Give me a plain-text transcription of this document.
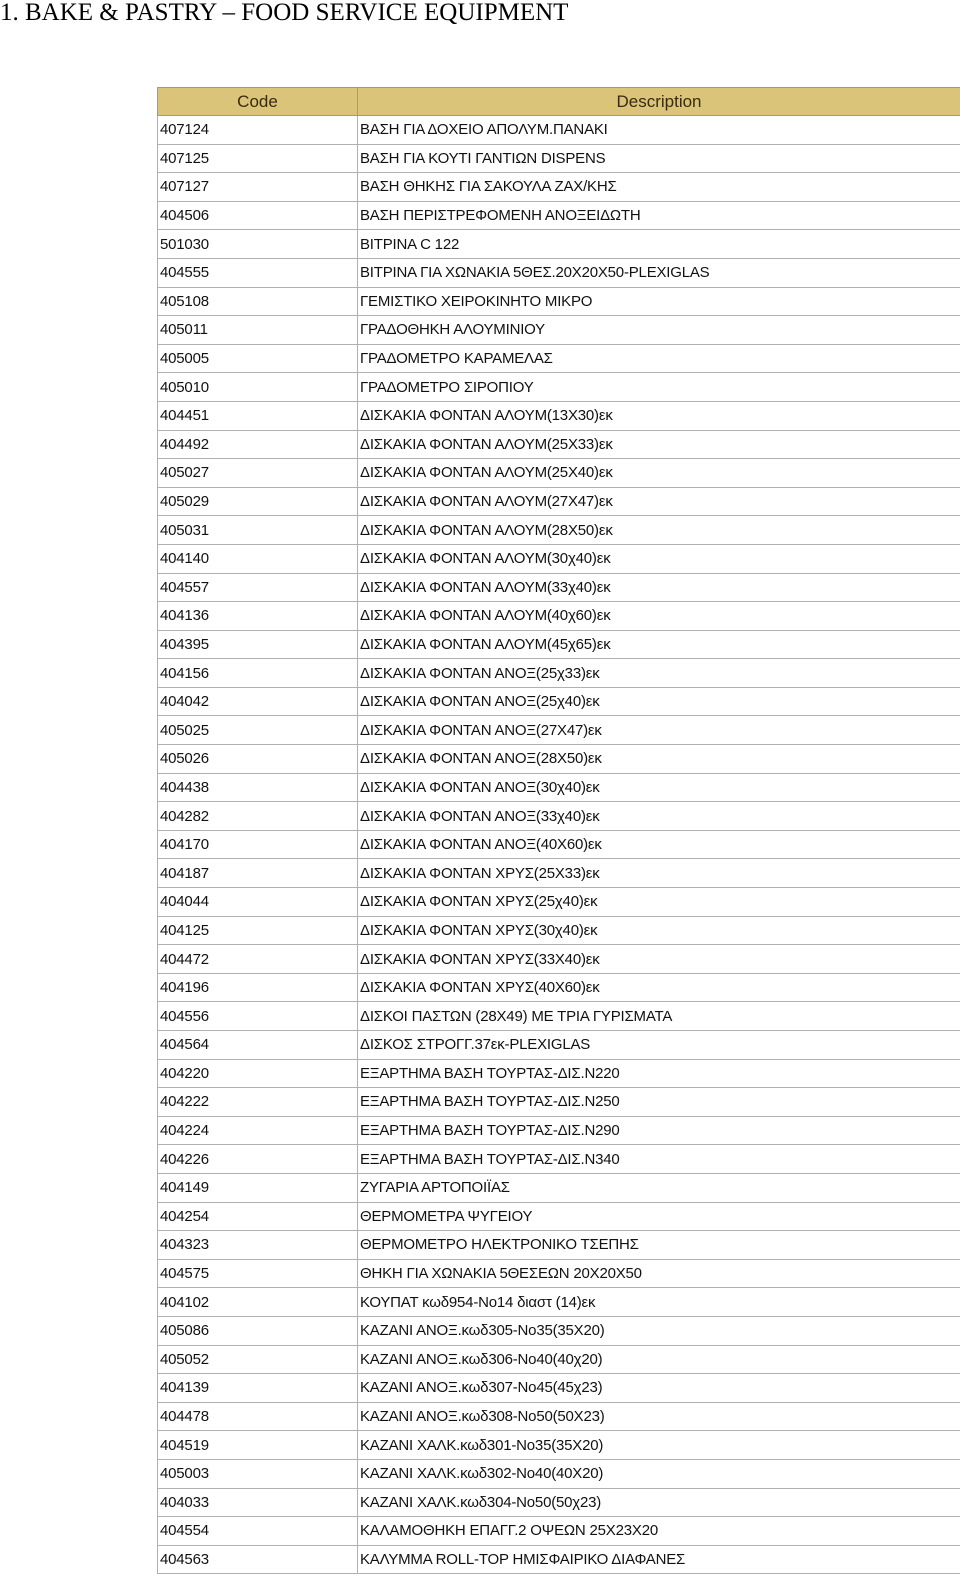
1. BAKE & PASTRY – FOOD SERVICE EQUIPMENT
Code	Description
407124	ΒΑΣΗ ΓΙΑ ΔΟΧΕΙΟ ΑΠΟΛΥΜ.ΠΑΝΑΚΙ
407125	ΒΑΣΗ ΓΙΑ ΚΟΥΤΙ ΓΑΝΤΙΩΝ DISPENS
407127	ΒΑΣΗ ΘΗΚΗΣ ΓΙΑ ΣΑΚΟΥΛΑ ΖΑΧ/ΚΗΣ
404506	ΒΑΣΗ ΠΕΡΙΣΤΡΕΦΟΜΕΝΗ ΑΝΟΞΕΙΔΩΤΗ
501030	ΒΙΤΡΙΝΑ C 122
404555	ΒΙΤΡΙΝΑ ΓΙΑ ΧΩΝΑΚΙΑ 5ΘΕΣ.20Χ20Χ50-PLEXIGLAS
405108	ΓΕΜΙΣΤΙΚΟ ΧΕΙΡΟΚΙΝΗΤΟ ΜΙΚΡΟ
405011	ΓΡΑΔΟΘΗΚΗ ΑΛΟΥΜΙΝΙΟΥ
405005	ΓΡΑΔΟΜΕΤΡΟ ΚΑΡΑΜΕΛΑΣ
405010	ΓΡΑΔΟΜΕΤΡΟ ΣΙΡΟΠΙΟΥ
404451	ΔΙΣΚΑΚΙΑ ΦΟΝΤΑΝ ΑΛΟΥΜ(13Χ30)εκ
404492	ΔΙΣΚΑΚΙΑ ΦΟΝΤΑΝ ΑΛΟΥΜ(25Χ33)εκ
405027	ΔΙΣΚΑΚΙΑ ΦΟΝΤΑΝ ΑΛΟΥΜ(25Χ40)εκ
405029	ΔΙΣΚΑΚΙΑ ΦΟΝΤΑΝ ΑΛΟΥΜ(27Χ47)εκ
405031	ΔΙΣΚΑΚΙΑ ΦΟΝΤΑΝ ΑΛΟΥΜ(28Χ50)εκ
404140	ΔΙΣΚΑΚΙΑ ΦΟΝΤΑΝ ΑΛΟΥΜ(30χ40)εκ
404557	ΔΙΣΚΑΚΙΑ ΦΟΝΤΑΝ ΑΛΟΥΜ(33χ40)εκ
404136	ΔΙΣΚΑΚΙΑ ΦΟΝΤΑΝ ΑΛΟΥΜ(40χ60)εκ
404395	ΔΙΣΚΑΚΙΑ ΦΟΝΤΑΝ ΑΛΟΥΜ(45χ65)εκ
404156	ΔΙΣΚΑΚΙΑ ΦΟΝΤΑΝ ΑΝΟΞ(25χ33)εκ
404042	ΔΙΣΚΑΚΙΑ ΦΟΝΤΑΝ ΑΝΟΞ(25χ40)εκ
405025	ΔΙΣΚΑΚΙΑ ΦΟΝΤΑΝ ΑΝΟΞ(27Χ47)εκ
405026	ΔΙΣΚΑΚΙΑ ΦΟΝΤΑΝ ΑΝΟΞ(28Χ50)εκ
404438	ΔΙΣΚΑΚΙΑ ΦΟΝΤΑΝ ΑΝΟΞ(30χ40)εκ
404282	ΔΙΣΚΑΚΙΑ ΦΟΝΤΑΝ ΑΝΟΞ(33χ40)εκ
404170	ΔΙΣΚΑΚΙΑ ΦΟΝΤΑΝ ΑΝΟΞ(40Χ60)εκ
404187	ΔΙΣΚΑΚΙΑ ΦΟΝΤΑΝ ΧΡΥΣ(25Χ33)εκ
404044	ΔΙΣΚΑΚΙΑ ΦΟΝΤΑΝ ΧΡΥΣ(25χ40)εκ
404125	ΔΙΣΚΑΚΙΑ ΦΟΝΤΑΝ ΧΡΥΣ(30χ40)εκ
404472	ΔΙΣΚΑΚΙΑ ΦΟΝΤΑΝ ΧΡΥΣ(33Χ40)εκ
404196	ΔΙΣΚΑΚΙΑ ΦΟΝΤΑΝ ΧΡΥΣ(40Χ60)εκ
404556	ΔΙΣΚΟΙ ΠΑΣΤΩΝ (28Χ49) ΜΕ ΤΡΙΑ ΓΥΡΙΣΜΑΤΑ
404564	ΔΙΣΚΟΣ ΣΤΡΟΓΓ.37εκ-PLEXIGLAS
404220	ΕΞΑΡΤΗΜΑ ΒΑΣΗ ΤΟΥΡΤΑΣ-ΔΙΣ.Ν220
404222	ΕΞΑΡΤΗΜΑ ΒΑΣΗ ΤΟΥΡΤΑΣ-ΔΙΣ.Ν250
404224	ΕΞΑΡΤΗΜΑ ΒΑΣΗ ΤΟΥΡΤΑΣ-ΔΙΣ.Ν290
404226	ΕΞΑΡΤΗΜΑ ΒΑΣΗ ΤΟΥΡΤΑΣ-ΔΙΣ.Ν340
404149	ΖΥΓΑΡΙΑ ΑΡΤΟΠΟΙΪΑΣ
404254	ΘΕΡΜΟΜΕΤΡΑ ΨΥΓΕΙΟΥ
404323	ΘΕΡΜΟΜΕΤΡΟ ΗΛΕΚΤΡΟΝΙΚΟ ΤΣΕΠΗΣ
404575	ΘΗΚΗ ΓΙΑ ΧΩΝΑΚΙΑ 5ΘΕΣΕΩΝ 20Χ20Χ50
404102	ΚΟΥΠΑΤ κωδ954-Νο14 διαστ (14)εκ
405086	ΚΑΖΑΝΙ ΑΝΟΞ.κωδ305-Νο35(35Χ20)
405052	ΚΑΖΑΝΙ ΑΝΟΞ.κωδ306-Νο40(40χ20)
404139	ΚΑΖΑΝΙ ΑΝΟΞ.κωδ307-Νο45(45χ23)
404478	ΚΑΖΑΝΙ ΑΝΟΞ.κωδ308-Νο50(50Χ23)
404519	ΚΑΖΑΝΙ ΧΑΛΚ.κωδ301-Νο35(35Χ20)
405003	ΚΑΖΑΝΙ ΧΑΛΚ.κωδ302-Νο40(40Χ20)
404033	ΚΑΖΑΝΙ ΧΑΛΚ.κωδ304-Νο50(50χ23)
404554	ΚΑΛΑΜΟΘΗΚΗ ΕΠΑΓΓ.2 ΟΨΕΩΝ 25Χ23Χ20
404563	ΚΑΛΥΜΜΑ ROLL-TOP ΗΜΙΣΦΑΙΡΙΚΟ ΔΙΑΦΑΝΕΣ
